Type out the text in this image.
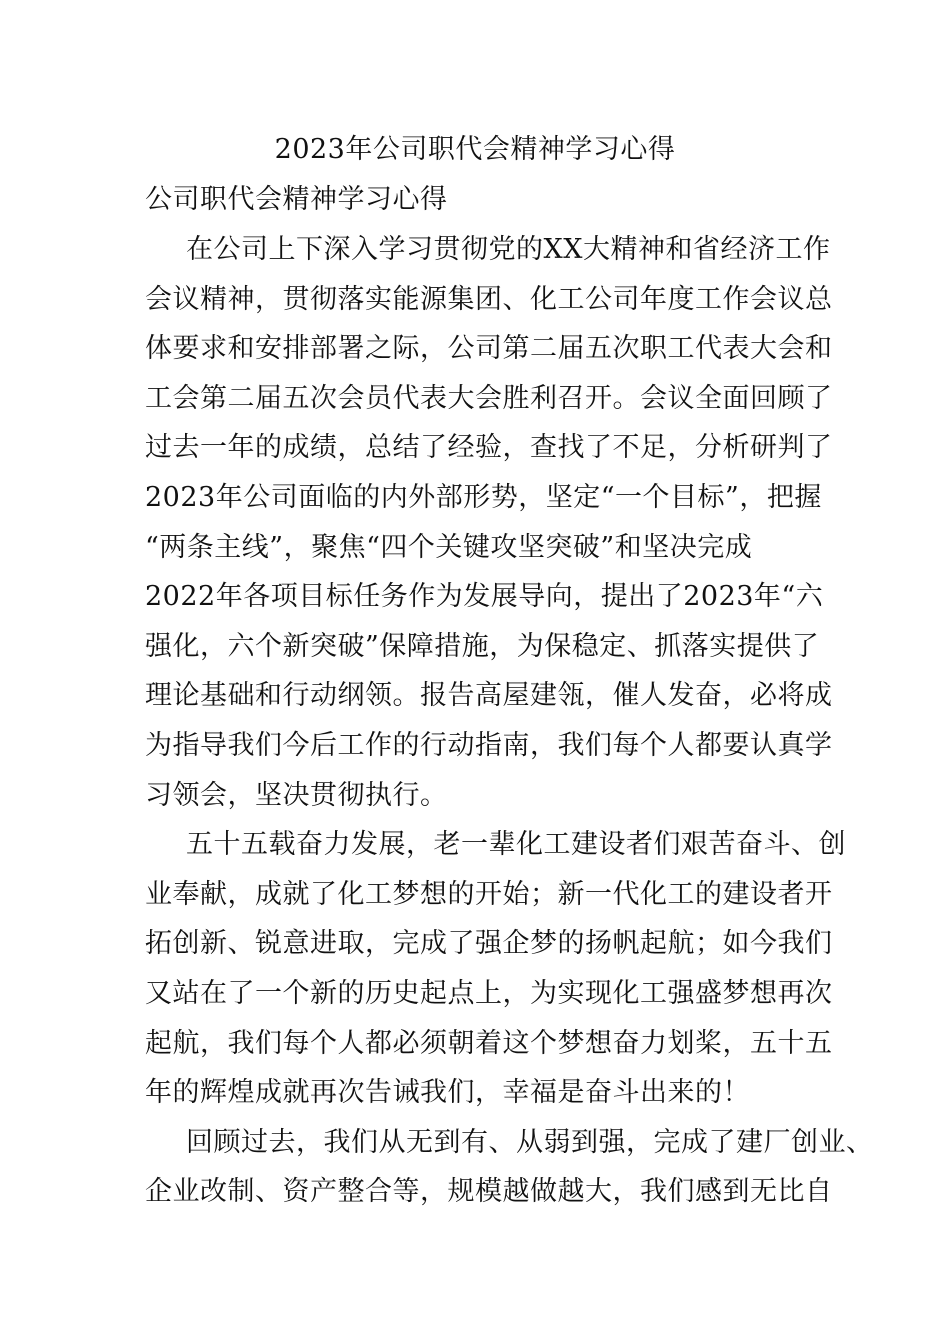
2023年公司职代会精神学习心得
公司职代会精神学习心得
在公司上下深入学习贯彻党的XX大精神和省经济工作
会议精神，贯彻落实能源集团、化工公司年度工作会议总
体要求和安排部署之际，公司第二届五次职工代表大会和
工会第二届五次会员代表大会胜利召开。会议全面回顾了
过去一年的成绩，总结了经验，查找了不足，分析研判了
2023年公司面临的内外部形势，坚定“一个目标”，把握
“两条主线”，聚焦“四个关键攻坚突破”和坚决完成
2022年各项目标任务作为发展导向，提出了2023年“六
强化，六个新突破”保障措施，为保稳定、抓落实提供了
理论基础和行动纲领。报告高屋建瓴，催人发奋，必将成
为指导我们今后工作的行动指南，我们每个人都要认真学
习领会，坚决贯彻执行。
五十五载奋力发展，老一辈化工建设者们艰苦奋斗、创
业奉献，成就了化工梦想的开始；新一代化工的建设者开
拓创新、锐意进取，完成了强企梦的扬帆起航；如今我们
又站在了一个新的历史起点上，为实现化工强盛梦想再次
起航，我们每个人都必须朝着这个梦想奋力划桨，五十五
年的辉煌成就再次告诫我们，幸福是奋斗出来的！
回顾过去，我们从无到有、从弱到强，完成了建厂创业、
企业改制、资产整合等，规模越做越大，我们感到无比自
